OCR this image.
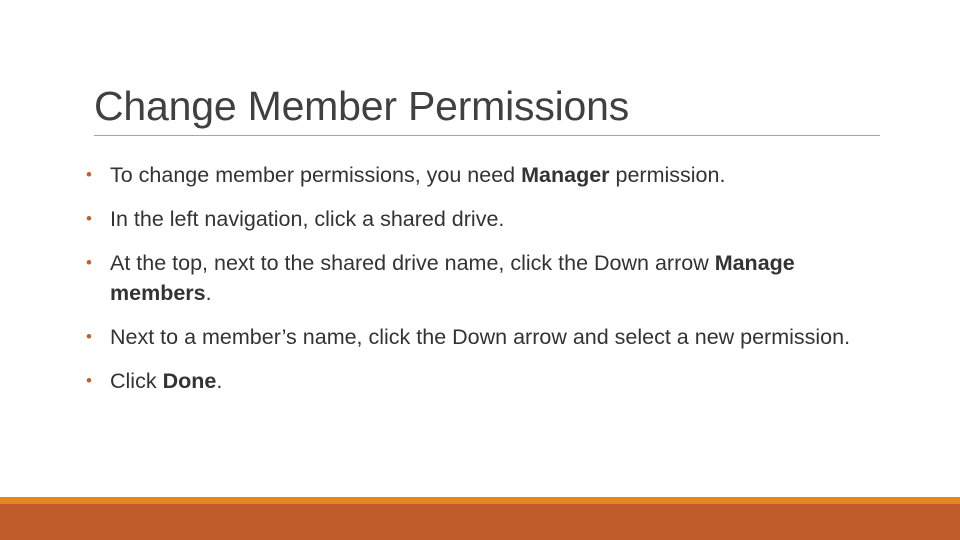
Change Member Permissions
• To change member permissions, you need Manager permission.
• In the left navigation, click a shared drive.
• At the top, next to the shared drive name, click the Down arrow Manage members.
• Next to a member’s name, click the Down arrow and select a new permission.
• Click Done.
